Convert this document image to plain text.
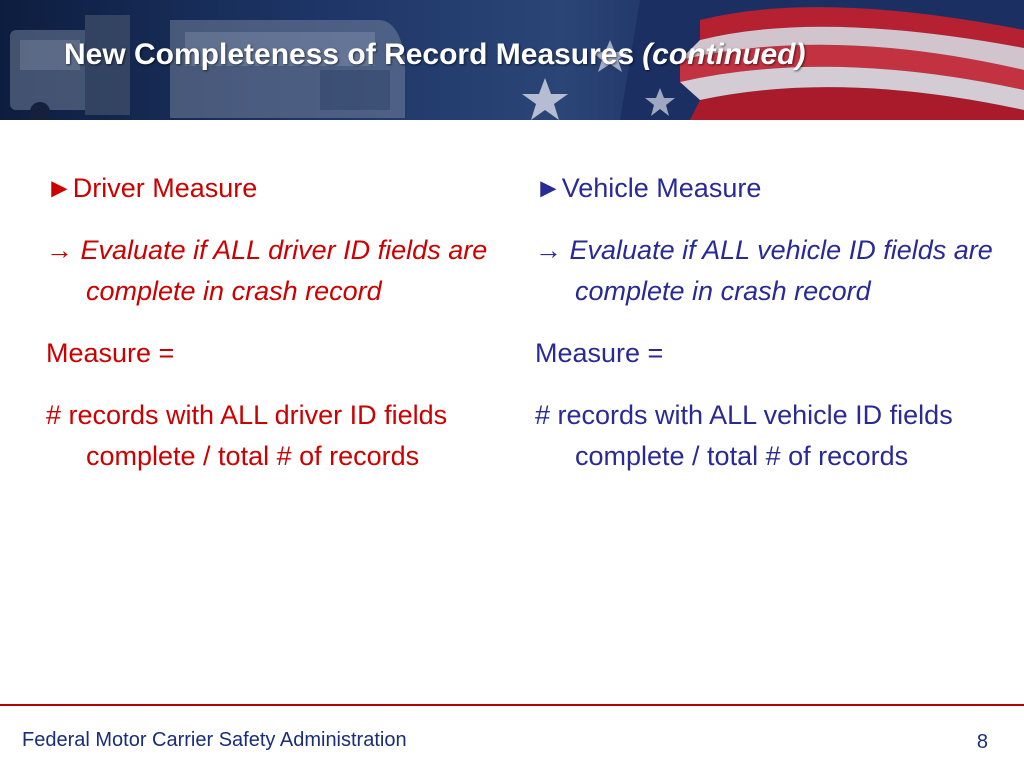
New Completeness of Record Measures (continued)
►Driver Measure
→ Evaluate if ALL driver ID fields are complete in crash record
Measure =
# records with ALL driver ID fields complete / total # of records
►Vehicle Measure
→ Evaluate if ALL vehicle ID fields are complete in crash record
Measure =
# records with ALL vehicle ID fields complete / total # of records
Federal Motor Carrier Safety Administration	8
